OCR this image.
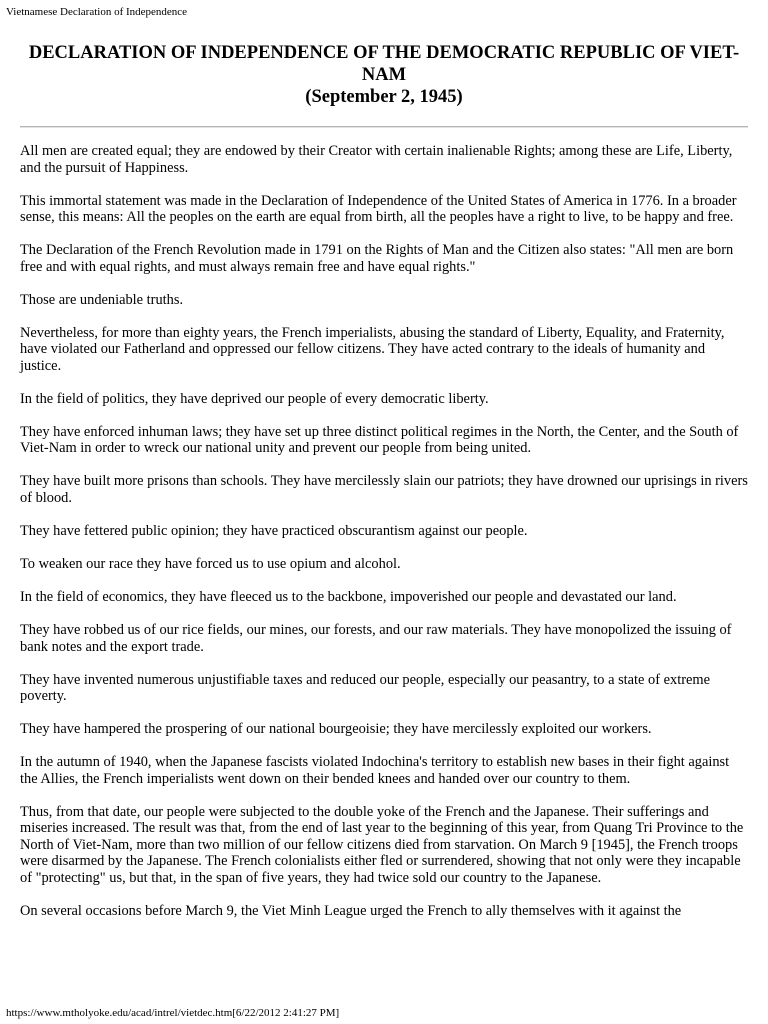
Vietnamese Declaration of Independence
DECLARATION OF INDEPENDENCE OF THE DEMOCRATIC REPUBLIC OF VIET-
NAM
(September 2, 1945)

All men are created equal; they are endowed by their Creator with certain inalienable Rights; among these are Life, Liberty, and the pursuit of Happiness.

This immortal statement was made in the Declaration of Independence of the United States of America in 1776. In a broader sense, this means: All the peoples on the earth are equal from birth, all the peoples have a right to live, to be happy and free.

The Declaration of the French Revolution made in 1791 on the Rights of Man and the Citizen also states: "All men are born free and with equal rights, and must always remain free and have equal rights."

Those are undeniable truths.

Nevertheless, for more than eighty years, the French imperialists, abusing the standard of Liberty, Equality, and Fraternity, have violated our Fatherland and oppressed our fellow citizens. They have acted contrary to the ideals of humanity and justice.

In the field of politics, they have deprived our people of every democratic liberty.

They have enforced inhuman laws; they have set up three distinct political regimes in the North, the Center, and the South of Viet-Nam in order to wreck our national unity and prevent our people from being united.

They have built more prisons than schools. They have mercilessly slain our patriots; they have drowned our uprisings in rivers of blood.

They have fettered public opinion; they have practiced obscurantism against our people.

To weaken our race they have forced us to use opium and alcohol.

In the field of economics, they have fleeced us to the backbone, impoverished our people and devastated our land.

They have robbed us of our rice fields, our mines, our forests, and our raw materials. They have monopolized the issuing of bank notes and the export trade.

They have invented numerous unjustifiable taxes and reduced our people, especially our peasantry, to a state of extreme poverty.

They have hampered the prospering of our national bourgeoisie; they have mercilessly exploited our workers.

In the autumn of 1940, when the Japanese fascists violated Indochina's territory to establish new bases in their fight against the Allies, the French imperialists went down on their bended knees and handed over our country to them.

Thus, from that date, our people were subjected to the double yoke of the French and the Japanese. Their sufferings and miseries increased. The result was that, from the end of last year to the beginning of this year, from Quang Tri Province to the North of Viet-Nam, more than two million of our fellow citizens died from starvation. On March 9 [1945], the French troops were disarmed by the Japanese. The French colonialists either fled or surrendered, showing that not only were they incapable of "protecting" us, but that, in the span of five years, they had twice sold our country to the Japanese.

On several occasions before March 9, the Viet Minh League urged the French to ally themselves with it against the

https://www.mtholyoke.edu/acad/intrel/vietdec.htm[6/22/2012 2:41:27 PM]
